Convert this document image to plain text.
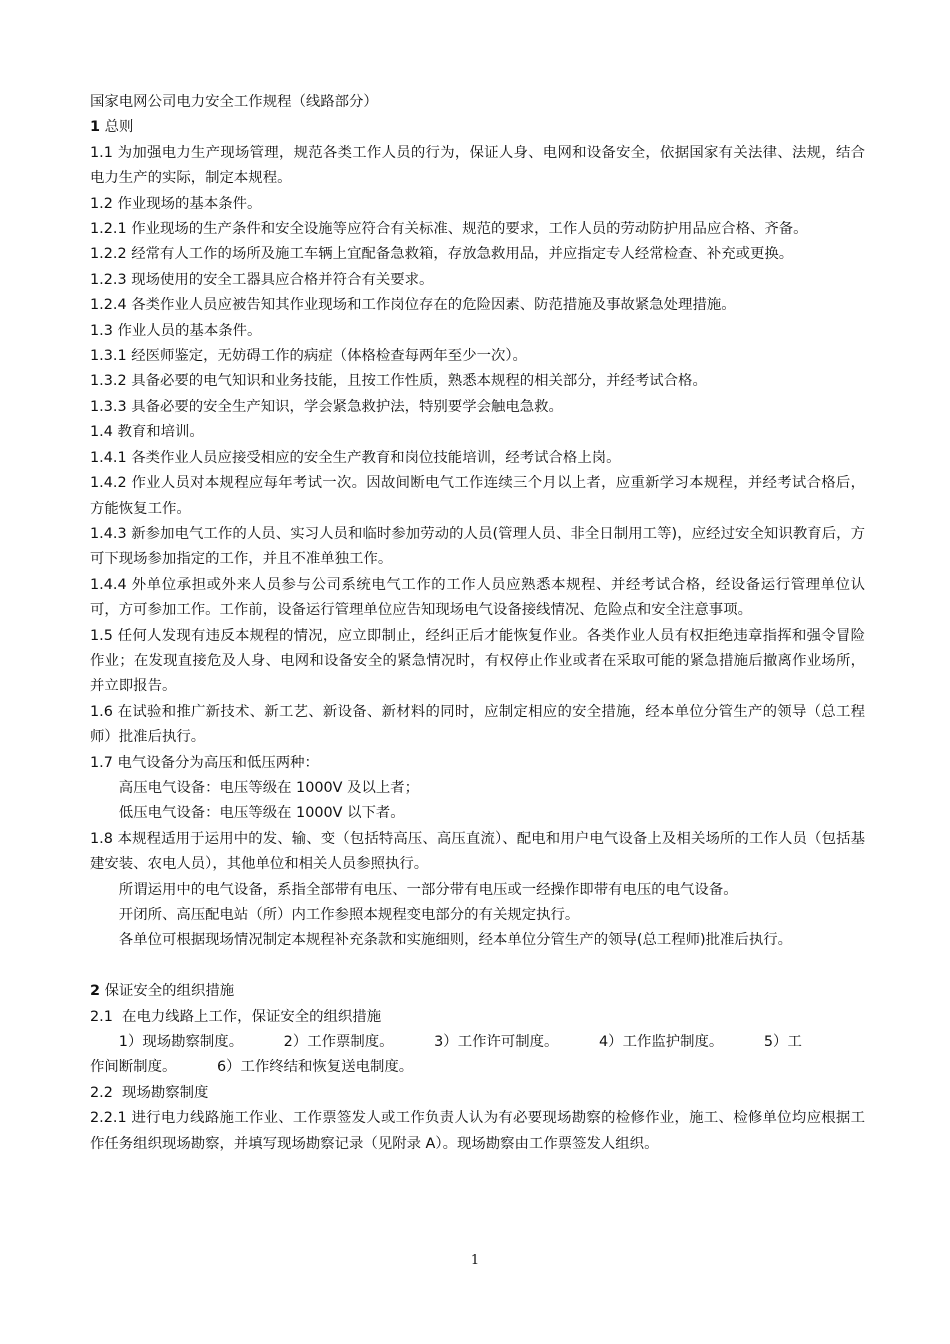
国家电网公司电力安全工作规程（线路部分）

1 总则

1.1 为加强电力生产现场管理，规范各类工作人员的行为，保证人身、电网和设备安全，依据国家有关法律、法规，结合电力生产的实际，制定本规程。

1.2 作业现场的基本条件。

1.2.1 作业现场的生产条件和安全设施等应符合有关标准、规范的要求，工作人员的劳动防护用品应合格、齐备。

1.2.2 经常有人工作的场所及施工车辆上宜配备急救箱，存放急救用品，并应指定专人经常检查、补充或更换。

1.2.3 现场使用的安全工器具应合格并符合有关要求。

1.2.4 各类作业人员应被告知其作业现场和工作岗位存在的危险因素、防范措施及事故紧急处理措施。

1.3 作业人员的基本条件。

1.3.1 经医师鉴定，无妨碍工作的病症（体格检查每两年至少一次）。

1.3.2 具备必要的电气知识和业务技能，且按工作性质，熟悉本规程的相关部分，并经考试合格。

1.3.3 具备必要的安全生产知识，学会紧急救护法，特别要学会触电急救。

1.4 教育和培训。

1.4.1 各类作业人员应接受相应的安全生产教育和岗位技能培训，经考试合格上岗。

1.4.2 作业人员对本规程应每年考试一次。因故间断电气工作连续三个月以上者，应重新学习本规程，并经考试合格后，方能恢复工作。

1.4.3 新参加电气工作的人员、实习人员和临时参加劳动的人员(管理人员、非全日制用工等)，应经过安全知识教育后，方可下现场参加指定的工作，并且不准单独工作。

1.4.4 外单位承担或外来人员参与公司系统电气工作的工作人员应熟悉本规程、并经考试合格，经设备运行管理单位认可，方可参加工作。工作前，设备运行管理单位应告知现场电气设备接线情况、危险点和安全注意事项。

1.5 任何人发现有违反本规程的情况，应立即制止，经纠正后才能恢复作业。各类作业人员有权拒绝违章指挥和强令冒险作业；在发现直接危及人身、电网和设备安全的紧急情况时，有权停止作业或者在采取可能的紧急措施后撤离作业场所，并立即报告。

1.6 在试验和推广新技术、新工艺、新设备、新材料的同时，应制定相应的安全措施，经本单位分管生产的领导（总工程师）批准后执行。

1.7 电气设备分为高压和低压两种：

高压电气设备：电压等级在 1000V 及以上者；

低压电气设备：电压等级在 1000V 以下者。

1.8 本规程适用于运用中的发、输、变（包括特高压、高压直流）、配电和用户电气设备上及相关场所的工作人员（包括基建安装、农电人员），其他单位和相关人员参照执行。

所谓运用中的电气设备，系指全部带有电压、一部分带有电压或一经操作即带有电压的电气设备。

开闭所、高压配电站（所）内工作参照本规程变电部分的有关规定执行。

各单位可根据现场情况制定本规程补充条款和实施细则，经本单位分管生产的领导(总工程师)批准后执行。

2 保证安全的组织措施

2.1 在电力线路上工作，保证安全的组织措施

1）现场勘察制度。	2）工作票制度。	3）工作许可制度。	4）工作监护制度。	5）工

作间断制度。	6）工作终结和恢复送电制度。

2.2 现场勘察制度

2.2.1 进行电力线路施工作业、工作票签发人或工作负责人认为有必要现场勘察的检修作业，施工、检修单位均应根据工作任务组织现场勘察，并填写现场勘察记录（见附录 A）。现场勘察由工作票签发人组织。

1
